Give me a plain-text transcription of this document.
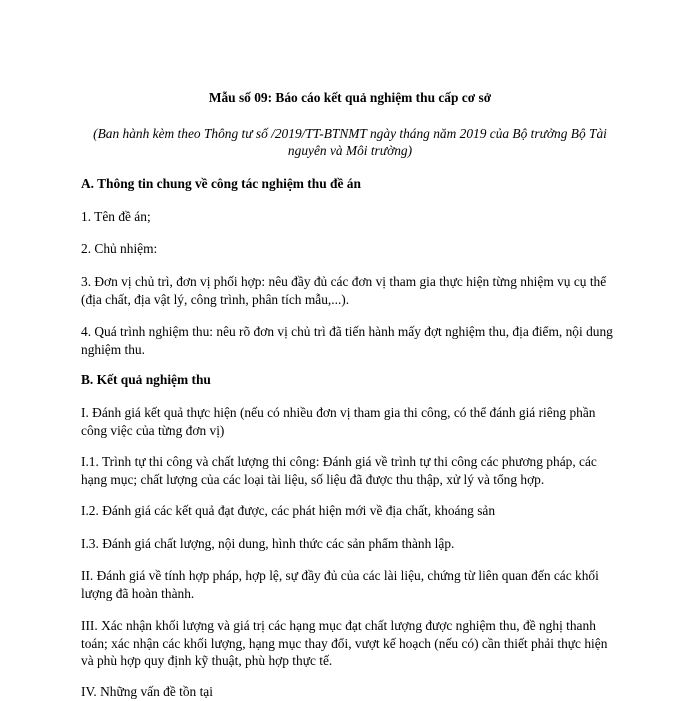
Mẫu số 09: Báo cáo kết quả nghiệm thu cấp cơ sở
(Ban hành kèm theo Thông tư số /2019/TT-BTNMT ngày tháng năm 2019 của Bộ trưởng Bộ Tài nguyên và Môi trường)
A. Thông tin chung về công tác nghiệm thu đề án
1. Tên đề án;
2. Chủ nhiệm:
3. Đơn vị chủ trì, đơn vị phối hợp: nêu đầy đủ các đơn vị tham gia thực hiện từng nhiệm vụ cụ thể (địa chất, địa vật lý, công trình, phân tích mẫu,...).
4. Quá trình nghiệm thu: nêu rõ đơn vị chủ trì đã tiến hành mấy đợt nghiệm thu, địa điểm, nội dung nghiệm thu.
B. Kết quả nghiệm thu
I. Đánh giá kết quả thực hiện (nếu có nhiều đơn vị tham gia thi công, có thể đánh giá riêng phần công việc của từng đơn vị)
I.1. Trình tự thi công và chất lượng thi công: Đánh giá về trình tự thi công các phương pháp, các hạng mục; chất lượng của các loại tài liệu, số liệu đã được thu thập, xử lý và tổng hợp.
I.2. Đánh giá các kết quả đạt được, các phát hiện mới về địa chất, khoáng sản
I.3. Đánh giá chất lượng, nội dung, hình thức các sản phẩm thành lập.
II. Đánh giá về tính hợp pháp, hợp lệ, sự đầy đủ của các lài liệu, chứng từ liên quan đến các khối lượng đã hoàn thành.
III. Xác nhận khối lượng và giá trị các hạng mục đạt chất lượng được nghiệm thu, đề nghị thanh toán; xác nhận các khối lượng, hạng mục thay đổi, vượt kế hoạch (nếu có) cần thiết phải thực hiện và phù hợp quy định kỹ thuật, phù hợp thực tế.
IV. Những vấn đề tồn tại
